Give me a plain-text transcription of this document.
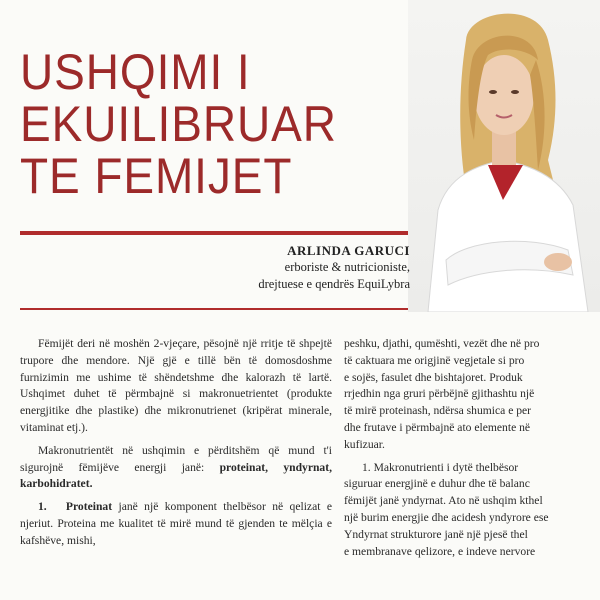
USHQIMI I
EKUILIBRUAR
TE FEMIJET
ARLINDA GARUCI
erboriste & nutricioniste,
drejtuese e qendrës EquiLybra

Fëmijët deri në moshën 2-vjeçare, pësojnë një rritje të shpejtë trupore dhe mendore. Një gjë e tillë bën të domosdoshme furnizimin me ushime të shëndetshme dhe kalorazh të lartë. Ushqimet duhet të përmbajnë si makronuetrientet (produkte energjitike dhe plastike) dhe mikronutrienet (kripërat minerale, vitaminat etj.).

Makronutrientët në ushqimin e përditshëm që mund t'i sigurojnë fëmijëve energji janë: proteinat, yndyrnat, karbohidratet.

1. Proteinat janë një komponent thelbësor në qelizat e njeriut. Proteina me kualitet të mirë mund të gjenden te mëlçia e kafshëve, mishi,

peshku, djathi, qumështi, vezët dhe në pro
të caktuara me origjinë vegjetale si pro
e sojës, fasulet dhe bishtajoret. Produk
rrjedhin nga gruri përbëjnë gjithashtu një
të mirë proteinash, ndërsa shumica e per
dhe frutave i përmbajnë ato elemente në
kufizuar.
1. Makronutrienti i dytë thelbësor
siguruar energjinë e duhur dhe të balanc
fëmijët janë yndyrnat. Ato në ushqim kthel
një burim energjie dhe acidesh yndyrore ese
Yndyrnat strukturore janë një pjesë thel
e membranave qelizore, e indeve nervore
